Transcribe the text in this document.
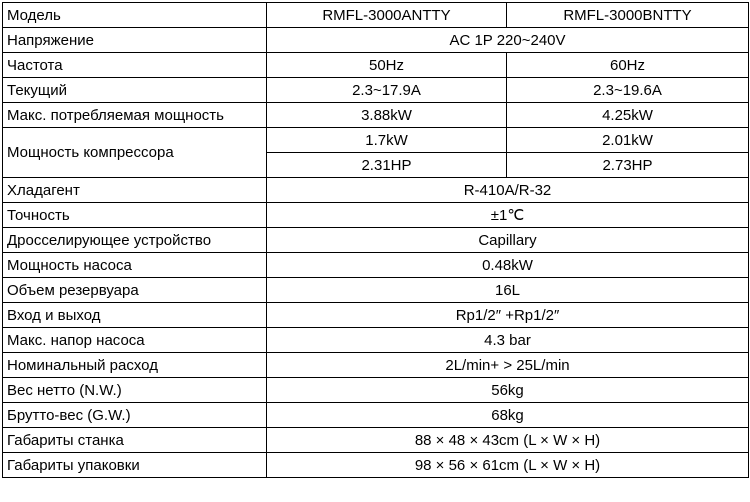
Модель	RMFL-3000ANTTY	RMFL-3000BNTTY
Напряжение	AC 1P 220~240V	
Частота	50Hz	60Hz
Текущий	2.3~17.9A	2.3~19.6A
Макс. потребляемая мощность	3.88kW	4.25kW
Мощность компрессора	1.7kW	2.01kW
	2.31HP	2.73HP
Хладагент	R-410A/R-32	
Точность	±1℃	
Дросселирующее устройство	Capillary	
Мощность насоса	0.48kW	
Объем резервуара	16L	
Вход и выход	Rp1/2″ +Rp1/2″	
Макс. напор насоса	4.3 bar	
Номинальный расход	2L/min+ > 25L/min	
Вес нетто (N.W.)	56kg	
Брутто-вес (G.W.)	68kg	
Габариты станка	88 × 48 × 43cm (L × W × H)	
Габариты упаковки	98 × 56 × 61cm (L × W × H)	
